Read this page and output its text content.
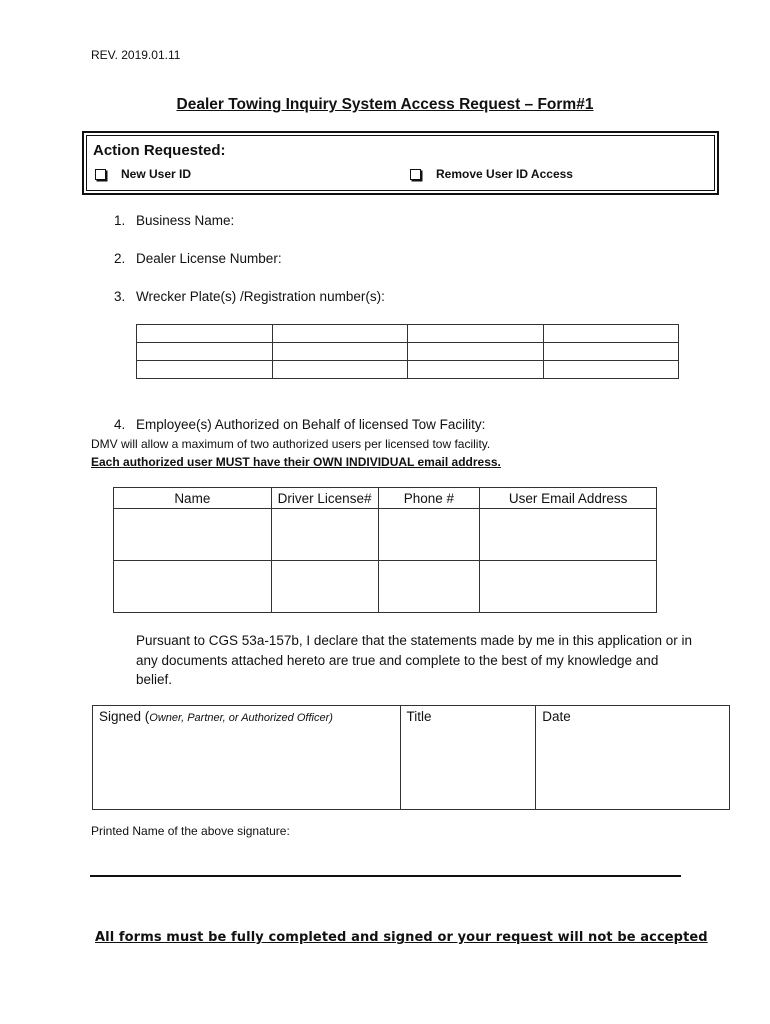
REV. 2019.01.11
Dealer Towing Inquiry System Access Request – Form#1
Action Requested:
New User ID	Remove User ID Access
1. Business Name:
2. Dealer License Number:
3. Wrecker Plate(s) /Registration number(s):

4. Employee(s) Authorized on Behalf of licensed Tow Facility:
DMV will allow a maximum of two authorized users per licensed tow facility.
Each authorized user MUST have their OWN INDIVIDUAL email address.
Name	Driver License#	Phone #	User Email Address

Pursuant to CGS 53a-157b, I declare that the statements made by me in this application or in any documents attached hereto are true and complete to the best of my knowledge and belief.
Signed (Owner, Partner, or Authorized Officer)	Title	Date
Printed Name of the above signature:
All forms must be fully completed and signed or your request will not be accepted
